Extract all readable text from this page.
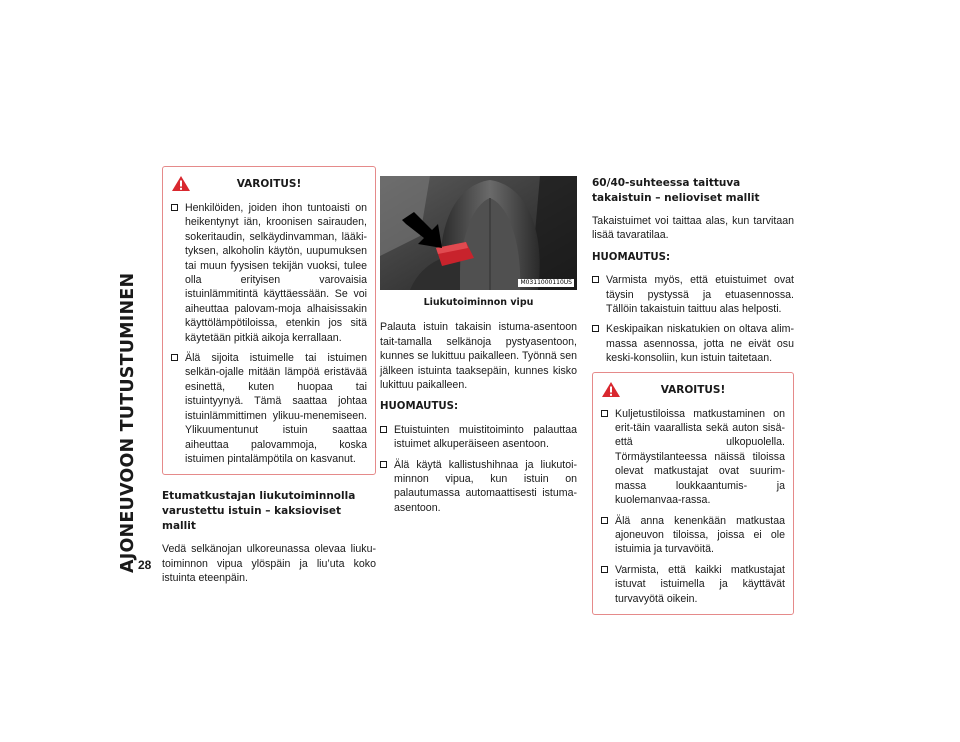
AJONEUVOON TUTUSTUMINEN 28
VAROITUS!
Henkilöiden, joiden ihon tuntoaisti on heikentynyt iän, kroonisen sairauden, sokeritaudin, selkäydinvamman, lääki-tyksen, alkoholin käytön, uupumuksen tai muun fyysisen tekijän vuoksi, tulee olla erityisen varovaisia istuinlämmitintä käyttäessään. Se voi aiheuttaa palovam-moja alhaisissakin käyttölämpötiloissa, etenkin jos sitä käytetään pitkiä aikoja kerrallaan.
Älä sijoita istuimelle tai istuimen selkän-ojalle mitään lämpöä eristävää esinettä, kuten huopaa tai istuintyynyä. Tämä saattaa johtaa istuinlämmittimen ylikuu-menemiseen. Ylikuumentunut istuin saattaa aiheuttaa palovammoja, koska istuimen pintalämpötila on kasvanut.
Etumatkustajan liukutoiminnolla varustettu istuin – kaksioviset mallit

Vedä selkänojan ulkoreunassa olevaa liuku-toiminnon vipua ylöspäin ja liu’uta koko istuinta eteenpäin.

M0311000110US
Liukutoiminnon vipu

Palauta istuin takaisin istuma-asentoon tait-tamalla selkänoja pystyasentoon, kunnes se lukittuu paikalleen. Työnnä sen jälkeen istuinta taaksepäin, kunnes kisko lukittuu paikalleen.

HUOMAUTUS:
Etuistuinten muistitoiminto palauttaa istuimet alkuperäiseen asentoon.
Älä käytä kallistushihnaa ja liukutoi-minnon vipua, kun istuin on palautumassa automaattisesti istuma-asentoon.
60/40-suhteessa taittuva takaistuin – nelioviset mallit

Takaistuimet voi taittaa alas, kun tarvitaan lisää tavaratilaa.

HUOMAUTUS:
Varmista myös, että etuistuimet ovat täysin pystyssä ja etuasennossa. Tällöin takaistuin taittuu alas helposti.
Keskipaikan niskatukien on oltava alim-massa asennossa, jotta ne eivät osu keski-konsoliin, kun istuin taitetaan.
VAROITUS!
Kuljetustiloissa matkustaminen on erit-täin vaarallista sekä auton sisä- että ulkopuolella. Törmäystilanteessa näissä tiloissa olevat matkustajat ovat suurim-massa loukkaantumis- ja kuolemanvaa-rassa.
Älä anna kenenkään matkustaa ajoneuvon tiloissa, joissa ei ole istuimia ja turvavöitä.
Varmista, että kaikki matkustajat istuvat istuimella ja käyttävät turvavyötä oikein.
